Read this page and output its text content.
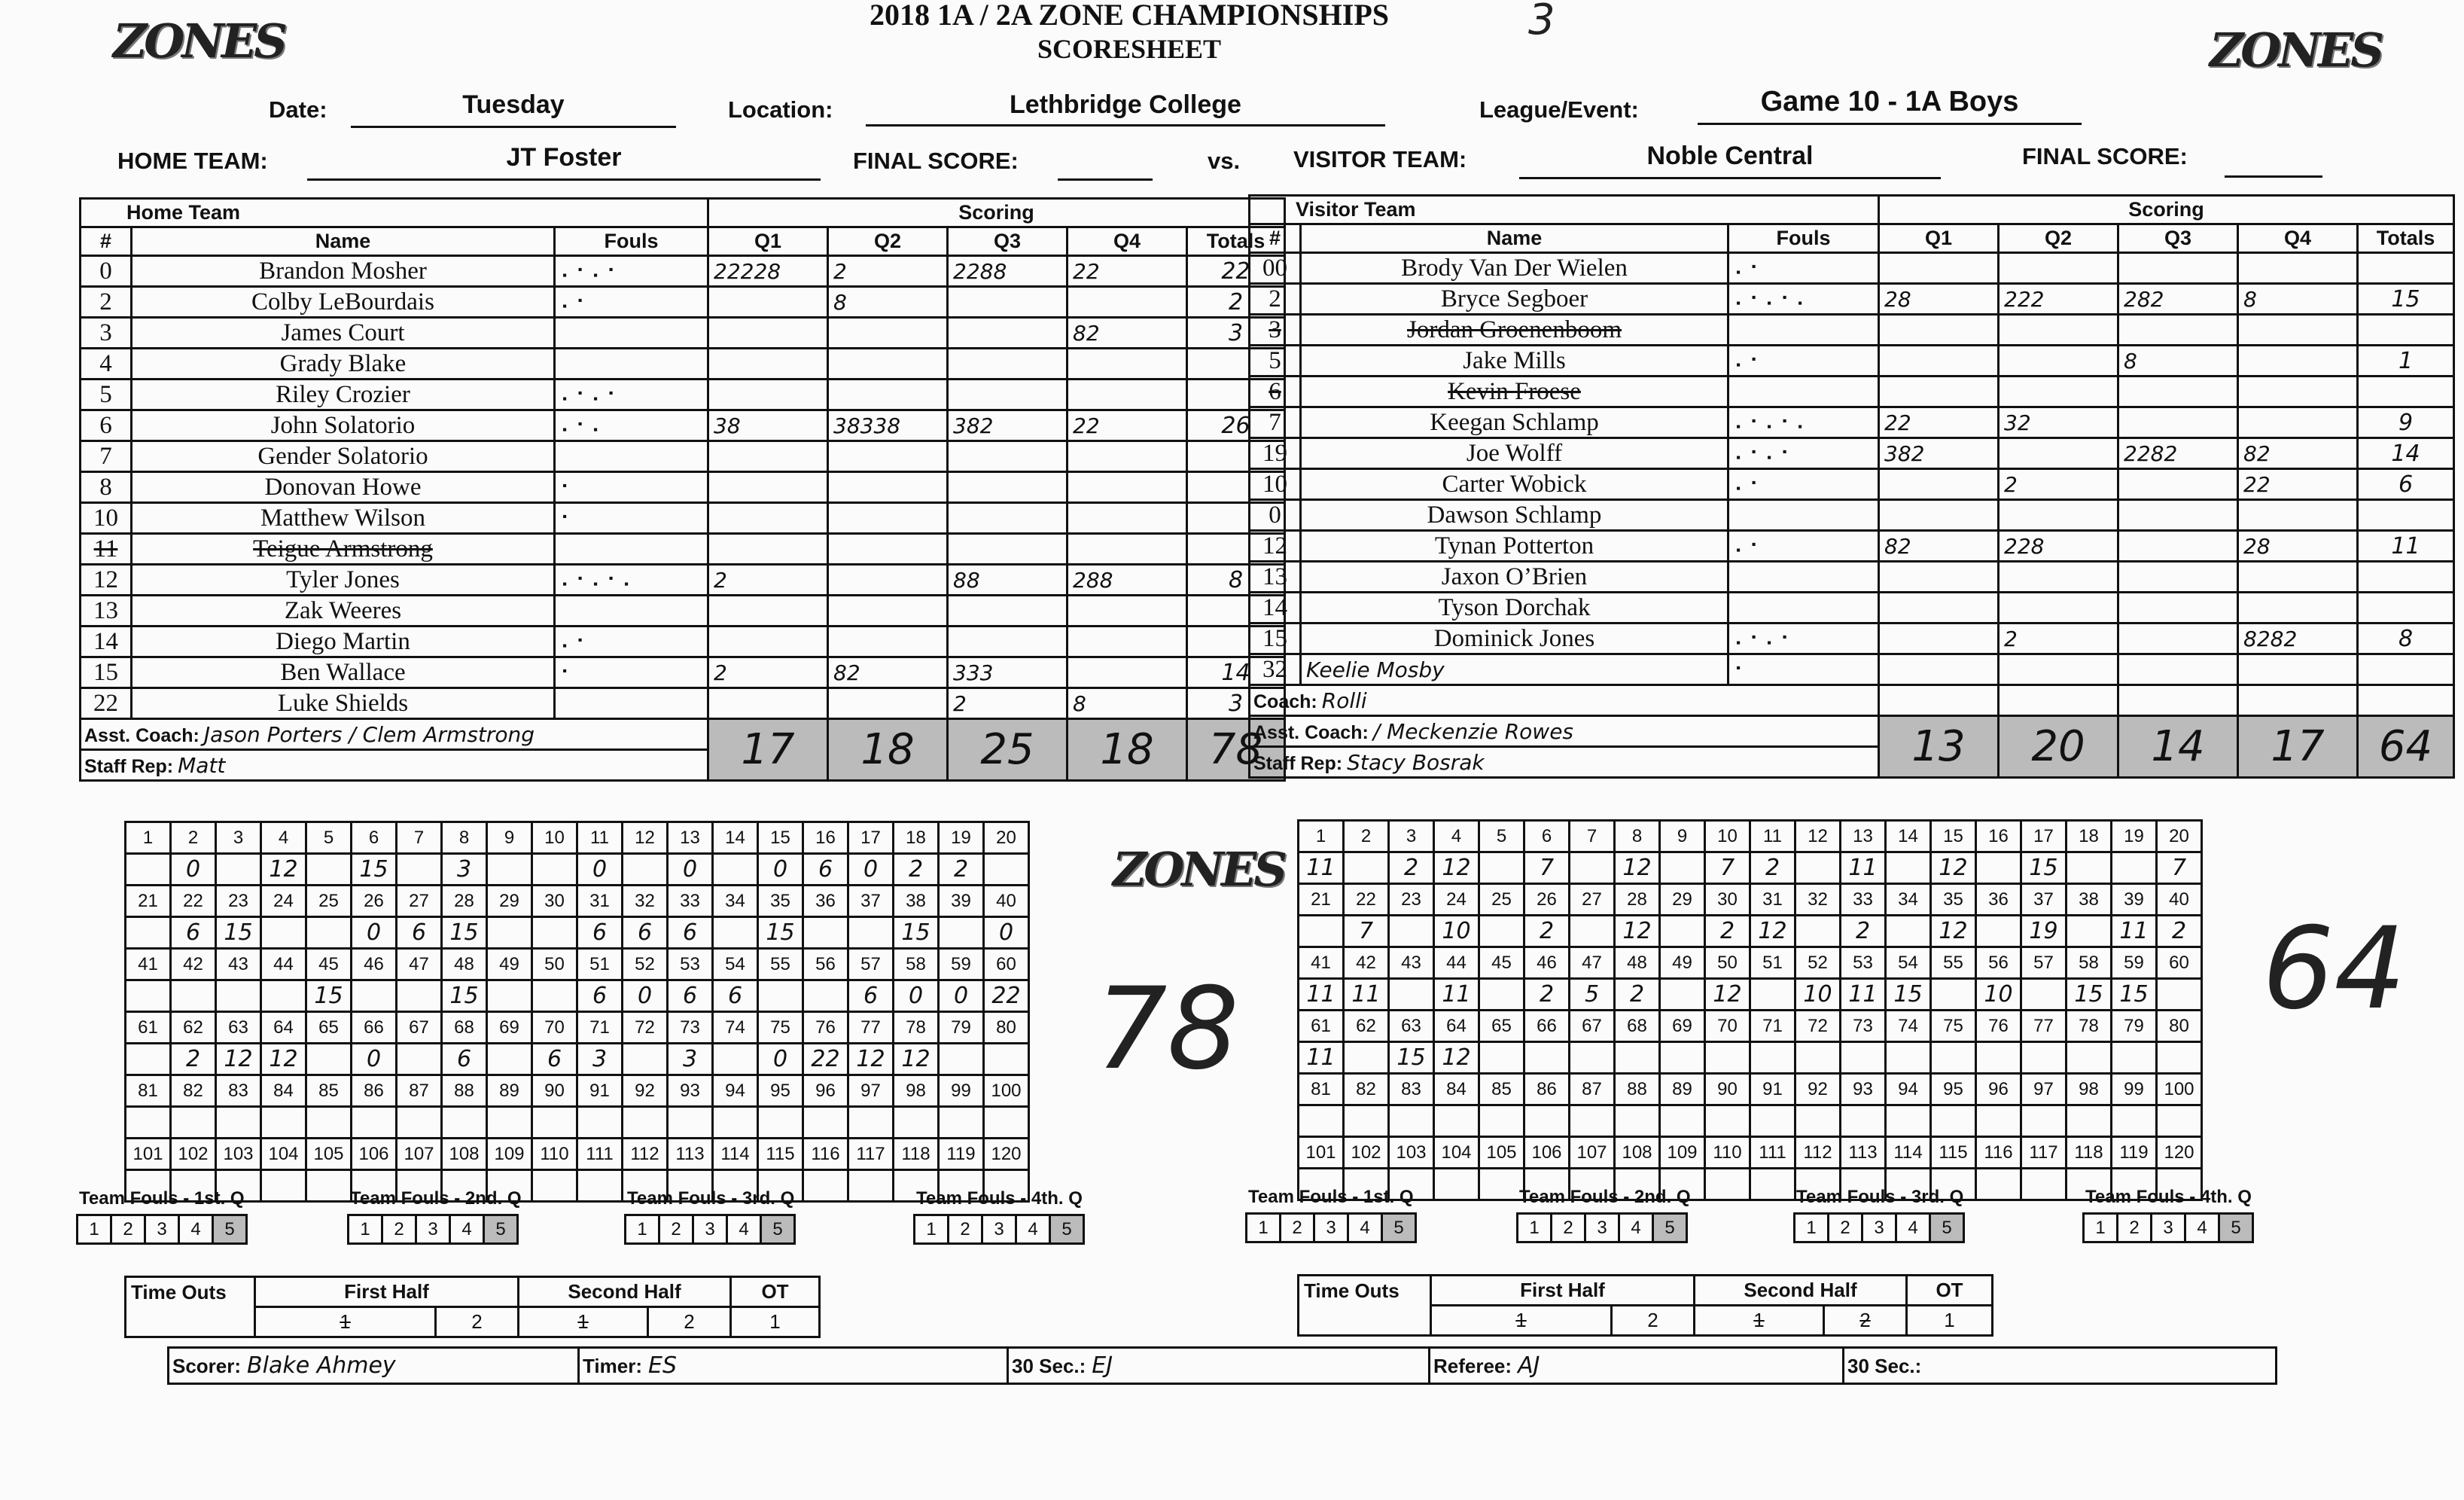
ZONES	ZONES
ZONES
2018 1A / 2A ZONE CHAMPIONSHIPS
SCORESHEET
3
Date:	Tuesday	Location:	Lethbridge College	League/Event:	Game 10 - 1A Boys
HOME TEAM:	JT Foster	FINAL SCORE:	vs. VISITOR TEAM:	Noble Central	FINAL SCORE:
Home Team			Scoring				
#	Name	Fouls	Q1	Q2	Q3	Q4	Totals
0	Brandon Mosher	⠄⠂⠄⠂	22228	2	2288	22	22
2	Colby LeBourdais	⠄⠂		8			2
3	James Court					82	3
4	Grady Blake						
5	Riley Crozier	⠄⠂⠄⠂					
6	John Solatorio	⠄⠂⠄	38	38338	382	22	26
7	Gender Solatorio						
8	Donovan Howe	⠂					
10	Matthew Wilson	⠂					
11	Teigue Armstrong						
12	Tyler Jones	⠄⠂⠄⠂⠄	2		88	288	8
13	Zak Weeres						
14	Diego Martin	⠄⠂					
15	Ben Wallace	⠂	2	82	333		14
22	Luke Shields				2	8	3
Asst. Coach: Jason Porters / Clem Armstrong			17	18	25	18	78
Staff Rep: Matt							
Visitor Team			Scoring				
#	Name	Fouls	Q1	Q2	Q3	Q4	Totals
00	Brody Van Der Wielen	⠄⠂					
2	Bryce Segboer	⠄⠂⠄⠂⠄	28	222	282	8	15
3	Jordan Groenenboom						
5	Jake Mills	⠄⠂			8		1
6	Kevin Froese						
7	Keegan Schlamp	⠄⠂⠄⠂⠄	22	32			9
19	Joe Wolff	⠄⠂⠄⠂	382		2282	82	14
10	Carter Wobick	⠄⠂		2		22	6
0	Dawson Schlamp						
12	Tynan Potterton	⠄⠂	82	228		28	11
13	Jaxon O’Brien						
14	Tyson Dorchak						
15	Dominick Jones	⠄⠂⠄⠂		2		8282	8
32	Keelie Mosby	⠂					
Coach: Rolli							
Asst. Coach: / Meckenzie Rowes			13	20	14	17	64
Staff Rep: Stacy Bosrak							
1	2	3	4	5	6	7	8	9	10	11	12	13	14	15	16	17	18	19	20
	0		12		15		3			0		0		0	6	0	2	2	
21	22	23	24	25	26	27	28	29	30	31	32	33	34	35	36	37	38	39	40
	6	15			0	6	15			6	6	6		15			15		0
41	42	43	44	45	46	47	48	49	50	51	52	53	54	55	56	57	58	59	60
				15			15			6	0	6	6			6	0	0	22
61	62	63	64	65	66	67	68	69	70	71	72	73	74	75	76	77	78	79	80
	2	12	12		0		6		6	3		3		0	22	12	12		
81	82	83	84	85	86	87	88	89	90	91	92	93	94	95	96	97	98	99	100

101	102	103	104	105	106	107	108	109	110	111	112	113	114	115	116	117	118	119	120

1	2	3	4	5	6	7	8	9	10	11	12	13	14	15	16	17	18	19	20
11		2	12		7		12		7	2		11		12		15			7
21	22	23	24	25	26	27	28	29	30	31	32	33	34	35	36	37	38	39	40
	7		10		2		12		2	12		2		12		19		11	2
41	42	43	44	45	46	47	48	49	50	51	52	53	54	55	56	57	58	59	60
11	11		11		2	5	2		12		10	11	15		10		15	15	
61	62	63	64	65	66	67	68	69	70	71	72	73	74	75	76	77	78	79	80
11		15	12																
81	82	83	84	85	86	87	88	89	90	91	92	93	94	95	96	97	98	99	100

101	102	103	104	105	106	107	108	109	110	111	112	113	114	115	116	117	118	119	120

78	64
Team Fouls - 1st. Q
1	2	3	4	5
Team Fouls - 2nd. Q
1	2	3	4	5
Team Fouls - 3rd. Q
1	2	3	4	5
Team Fouls - 4th. Q
1	2	3	4	5
Team Fouls - 1st. Q
1	2	3	4	5
Team Fouls - 2nd. Q
1	2	3	4	5
Team Fouls - 3rd. Q
1	2	3	4	5
Team Fouls - 4th. Q
1	2	3	4	5
Time Outs	First Half		Second Half		OT
	1	2	1	2	1
Time Outs	First Half		Second Half		OT
	1	2	1	2	1
Scorer: Blake Ahmey	Timer: ES	30 Sec.: EJ	Referee: AJ	30 Sec.:
